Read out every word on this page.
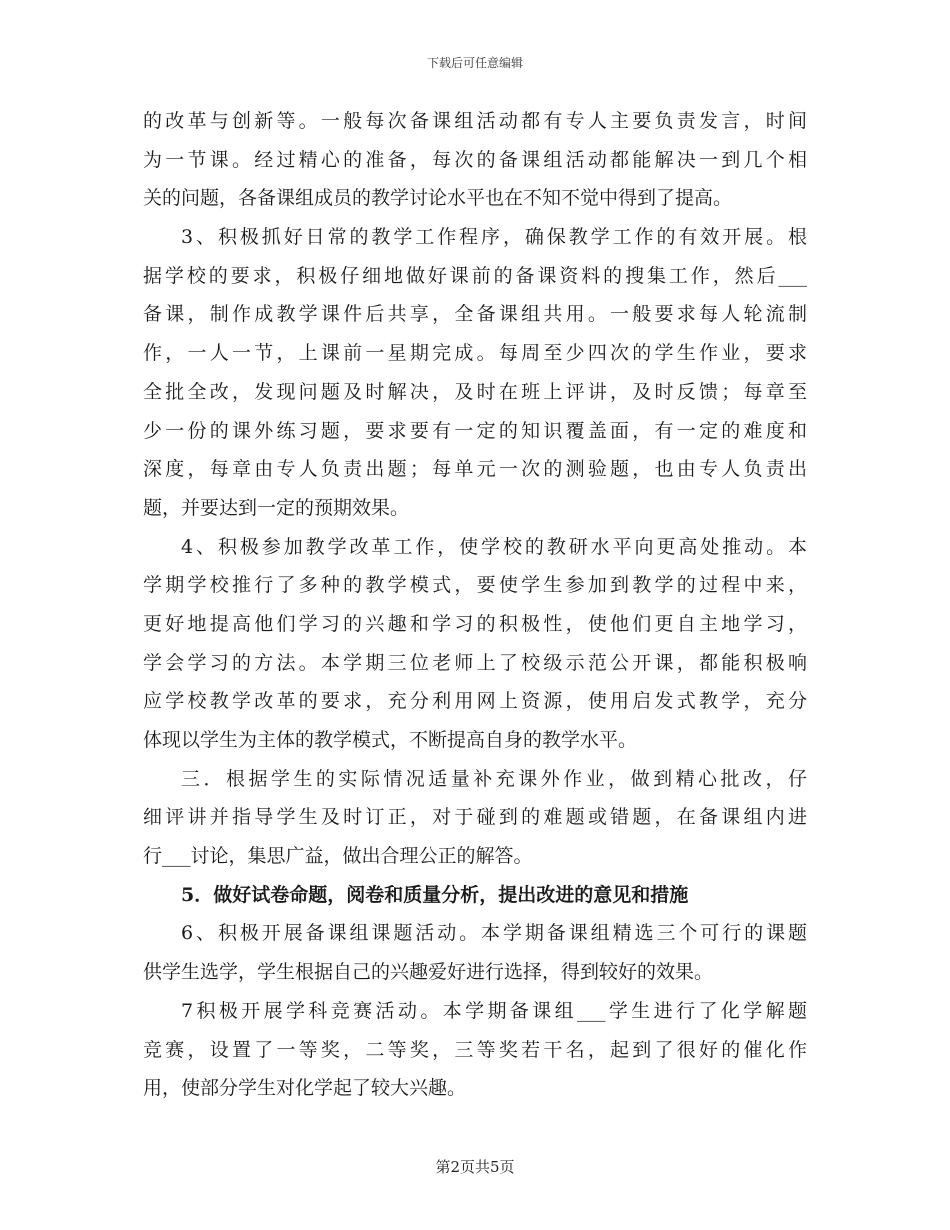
下载后可任意编辑
的改革与创新等。一般每次备课组活动都有专人主要负责发言，时间
为一节课。经过精心的准备，每次的备课组活动都能解决一到几个相
关的问题，各备课组成员的教学讨论水平也在不知不觉中得到了提高。
3、积极抓好日常的教学工作程序，确保教学工作的有效开展。根
据学校的要求，积极仔细地做好课前的备课资料的搜集工作，然后___
备课，制作成教学课件后共享，全备课组共用。一般要求每人轮流制
作，一人一节，上课前一星期完成。每周至少四次的学生作业，要求
全批全改，发现问题及时解决，及时在班上评讲，及时反馈；每章至
少一份的课外练习题，要求要有一定的知识覆盖面，有一定的难度和
深度，每章由专人负责出题；每单元一次的测验题，也由专人负责出
题，并要达到一定的预期效果。
4、积极参加教学改革工作，使学校的教研水平向更高处推动。本
学期学校推行了多种的教学模式，要使学生参加到教学的过程中来，
更好地提高他们学习的兴趣和学习的积极性，使他们更自主地学习，
学会学习的方法。本学期三位老师上了校级示范公开课，都能积极响
应学校教学改革的要求，充分利用网上资源，使用启发式教学，充分
体现以学生为主体的教学模式，不断提高自身的教学水平。
三．根据学生的实际情况适量补充课外作业，做到精心批改，仔
细评讲并指导学生及时订正，对于碰到的难题或错题，在备课组内进
行___讨论，集思广益，做出合理公正的解答。
5．做好试卷命题，阅卷和质量分析，提出改进的意见和措施
6、积极开展备课组课题活动。本学期备课组精选三个可行的课题
供学生选学，学生根据自己的兴趣爱好进行选择，得到较好的效果。
7积极开展学科竞赛活动。本学期备课组___学生进行了化学解题
竞赛，设置了一等奖，二等奖，三等奖若干名，起到了很好的催化作
用，使部分学生对化学起了较大兴趣。
第2页共5页
